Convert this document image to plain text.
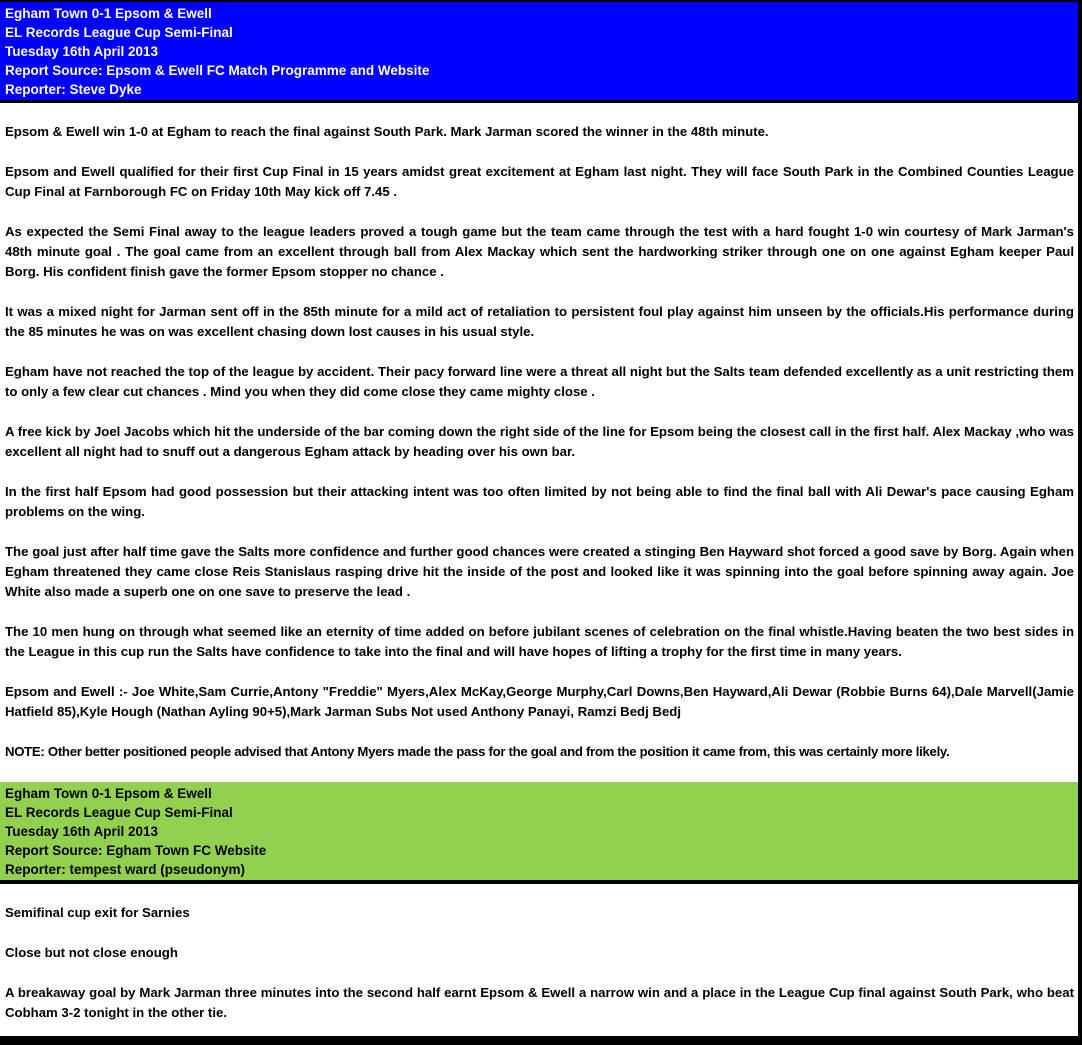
Egham Town 0-1 Epsom & Ewell
EL Records League Cup Semi-Final
Tuesday 16th April 2013
Report Source: Epsom & Ewell FC Match Programme and Website
Reporter: Steve Dyke

Epsom & Ewell win 1-0 at Egham to reach the final against South Park. Mark Jarman scored the winner in the 48th minute.

Epsom and Ewell qualified for their first Cup Final in 15 years amidst great excitement at Egham last night. They will face South Park in the Combined Counties League Cup Final at Farnborough FC on Friday 10th May kick off 7.45 .

As expected the Semi Final away to the league leaders proved a tough game but the team came through the test with a hard fought 1-0 win courtesy of Mark Jarman's 48th minute goal . The goal came from an excellent through ball from Alex Mackay which sent the hardworking striker through one on one against Egham keeper Paul Borg. His confident finish gave the former Epsom stopper no chance .

It was a mixed night for Jarman sent off in the 85th minute for a mild act of retaliation to persistent foul play against him unseen by the officials.His performance during the 85 minutes he was on was excellent chasing down lost causes in his usual style.

Egham have not reached the top of the league by accident. Their pacy forward line were a threat all night but the Salts team defended excellently as a unit restricting them to only a few clear cut chances . Mind you when they did come close they came mighty close .

A free kick by Joel Jacobs which hit the underside of the bar coming down the right side of the line for Epsom being the closest call in the first half. Alex Mackay ,who was excellent all night had to snuff out a dangerous Egham attack by heading over his own bar.

In the first half Epsom had good possession but their attacking intent was too often limited by not being able to find the final ball with Ali Dewar's pace causing Egham problems on the wing.

The goal just after half time gave the Salts more confidence and further good chances were created a stinging Ben Hayward shot forced a good save by Borg. Again when Egham threatened they came close Reis Stanislaus rasping drive hit the inside of the post and looked like it was spinning into the goal before spinning away again. Joe White also made a superb one on one save to preserve the lead .

The 10 men hung on through what seemed like an eternity of time added on before jubilant scenes of celebration on the final whistle.Having beaten the two best sides in the League in this cup run the Salts have confidence to take into the final and will have hopes of lifting a trophy for the first time in many years.

Epsom and Ewell :- Joe White,Sam Currie,Antony "Freddie" Myers,Alex McKay,George Murphy,Carl Downs,Ben Hayward,Ali Dewar (Robbie Burns 64),Dale Marvell(Jamie Hatfield 85),Kyle Hough (Nathan Ayling 90+5),Mark Jarman Subs Not used Anthony Panayi, Ramzi Bedj Bedj

NOTE: Other better positioned people advised that Antony Myers made the pass for the goal and from the position it came from, this was certainly more likely.

Egham Town 0-1 Epsom & Ewell
EL Records League Cup Semi-Final
Tuesday 16th April 2013
Report Source: Egham Town FC Website
Reporter: tempest ward (pseudonym)

Semifinal cup exit for Sarnies

Close but not close enough

A breakaway goal by Mark Jarman three minutes into the second half earnt Epsom & Ewell a narrow win and a place in the League Cup final against South Park, who beat Cobham 3-2 tonight in the other tie.
